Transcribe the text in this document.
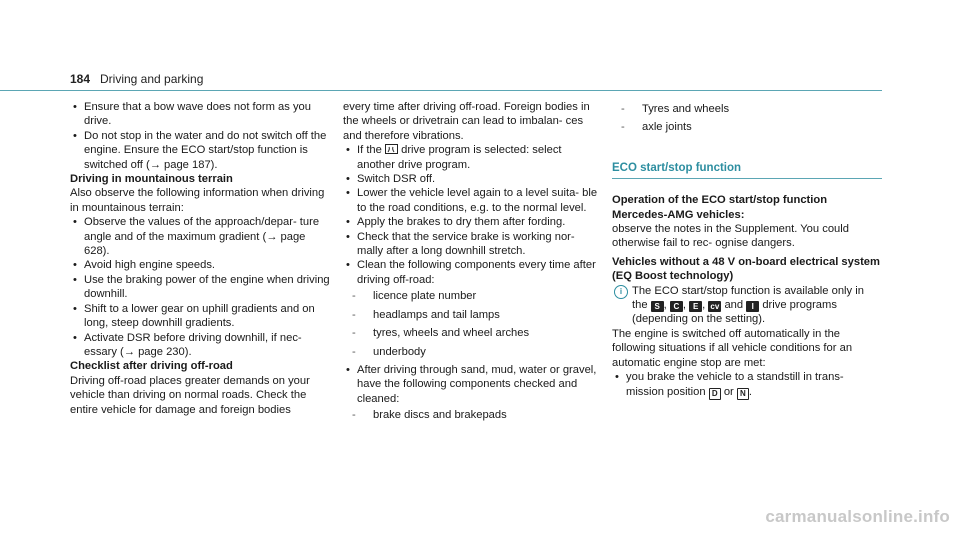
184 Driving and parking

• Ensure that a bow wave does not form as you drive.

• Do not stop in the water and do not switch off the engine. Ensure the ECO start/stop function is switched off (→ page 187).

Driving in mountainous terrain

Also observe the following information when driving in mountainous terrain:

• Observe the values of the approach/depar- ture angle and of the maximum gradient (→ page 628).

• Avoid high engine speeds.

• Use the braking power of the engine when driving downhill.

• Shift to a lower gear on uphill gradients and on long, steep downhill gradients.

• Activate DSR before driving downhill, if nec- essary (→ page 230).

Checklist after driving off-road

Driving off-road places greater demands on your vehicle than driving on normal roads. Check the entire vehicle for damage and foreign bodies

every time after driving off-road. Foreign bodies in the wheels or drivetrain can lead to imbalan- ces and therefore vibrations.

• If the drive program is selected: select another drive program.

• Switch DSR off.

• Lower the vehicle level again to a level suita- ble to the road conditions, e.g. to the normal level.

• Apply the brakes to dry them after fording.

• Check that the service brake is working nor- mally after a long downhill stretch.

• Clean the following components every time after driving off-road:

- licence plate number

- headlamps and tail lamps

- tyres, wheels and wheel arches

- underbody

• After driving through sand, mud, water or gravel, have the following components checked and cleaned:

- brake discs and brakepads

- Tyres and wheels

- axle joints

ECO start/stop function

Operation of the ECO start/stop function Mercedes-AMG vehicles:

observe the notes in the Supplement. You could otherwise fail to rec- ognise dangers.

Vehicles without a 48 V on-board electrical system (EQ Boost technology)

i The ECO start/stop function is available only in the S , C , E , cv and I drive programs (depending on the setting).

The engine is switched off automatically in the following situations if all vehicle conditions for an automatic engine stop are met:

• you brake the vehicle to a standstill in trans- mission position D or N .

carmanualsonline.info
